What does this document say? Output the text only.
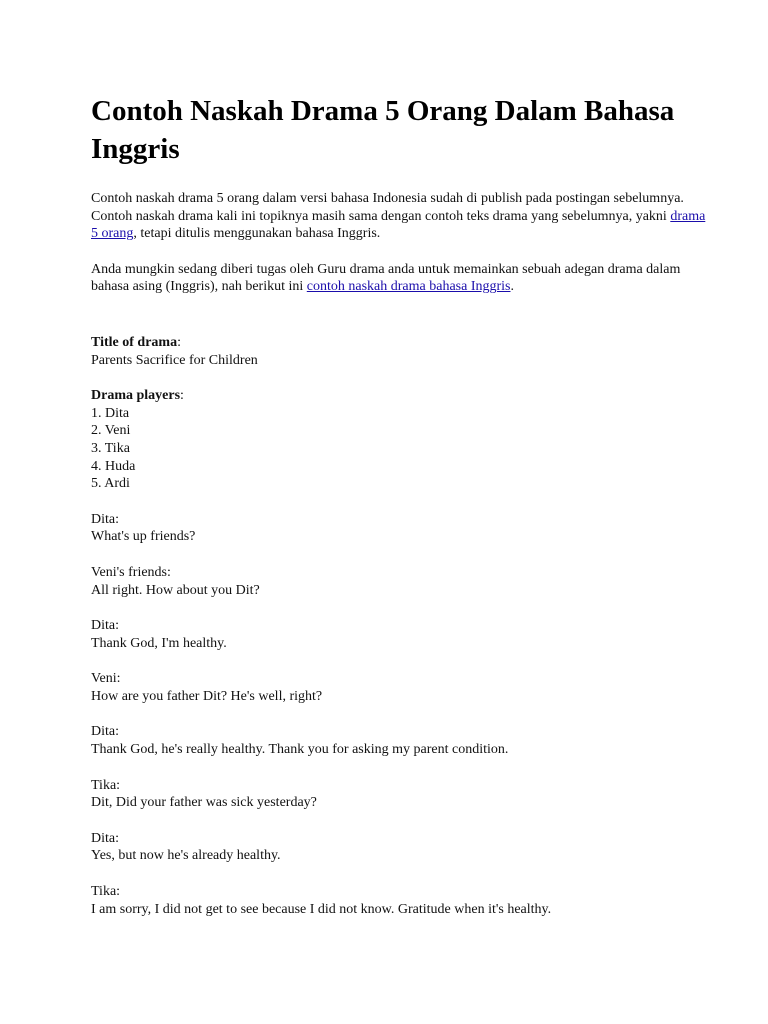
Contoh Naskah Drama 5 Orang Dalam Bahasa Inggris

Contoh naskah drama 5 orang dalam versi bahasa Indonesia sudah di publish pada postingan sebelumnya. Contoh naskah drama kali ini topiknya masih sama dengan contoh teks drama yang sebelumnya, yakni drama 5 orang, tetapi ditulis menggunakan bahasa Inggris.

Anda mungkin sedang diberi tugas oleh Guru drama anda untuk memainkan sebuah adegan drama dalam bahasa asing (Inggris), nah berikut ini contoh naskah drama bahasa Inggris.

Title of drama:
Parents Sacrifice for Children
Drama players:
1. Dita
2. Veni
3. Tika
4. Huda
5. Ardi
Dita:
What's up friends?
Veni's friends:
All right. How about you Dit?
Dita:
Thank God, I'm healthy.
Veni:
How are you father Dit? He's well, right?
Dita:
Thank God, he's really healthy. Thank you for asking my parent condition.
Tika:
Dit, Did your father was sick yesterday?
Dita:
Yes, but now he's already healthy.
Tika:
I am sorry, I did not get to see because I did not know. Gratitude when it's healthy.
